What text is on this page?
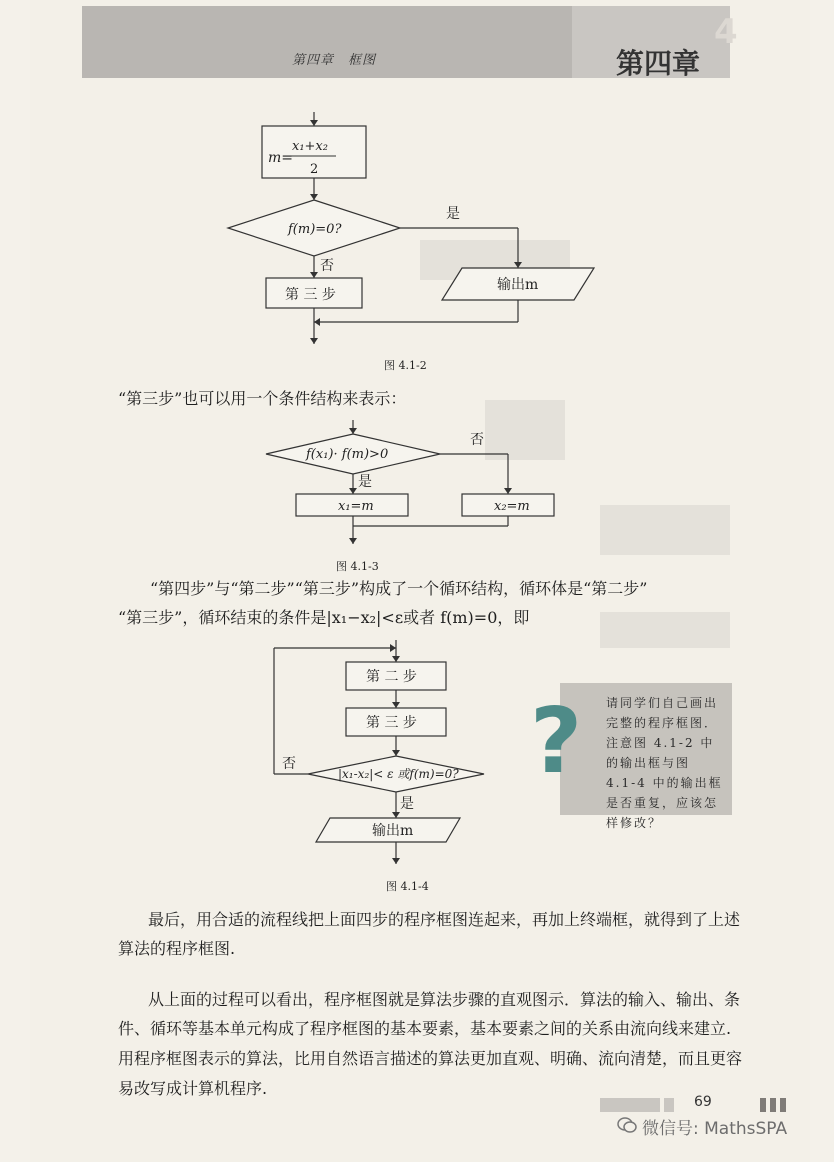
4
第四章　框图	第四章
m=
x₁+x₂
2
f(m)=0?
是
否
第 三 步
输出m
图 4.1-2
“第三步”也可以用一个条件结构来表示：
f(x₁)· f(m)>0
否
是
x₁=m	x₂=m
图 4.1-3
“第四步”与“第二步”“第三步”构成了一个循环结构，循环体是“第二步”
“第三步”，循环结束的条件是|x₁−x₂|<ε或者 f(m)=0，即
第 二 步
第 三 步
|x₁-x₂|< ε 或f(m)=0?
否
是
输出m
图 4.1-4
? 请同学们自己画出完整的程序框图．注意图 4.1-2 中的输出框与图 4.1-4 中的输出框是否重复，应该怎样修改？
最后，用合适的流程线把上面四步的程序框图连起来，再加上终端框，就得到了上述
算法的程序框图.
从上面的过程可以看出，程序框图就是算法步骤的直观图示．算法的输入、输出、条
件、循环等基本单元构成了程序框图的基本要素，基本要素之间的关系由流向线来建立.
用程序框图表示的算法，比用自然语言描述的算法更加直观、明确、流向清楚，而且更容
易改写成计算机程序.
69
微信号: MathsSPA
